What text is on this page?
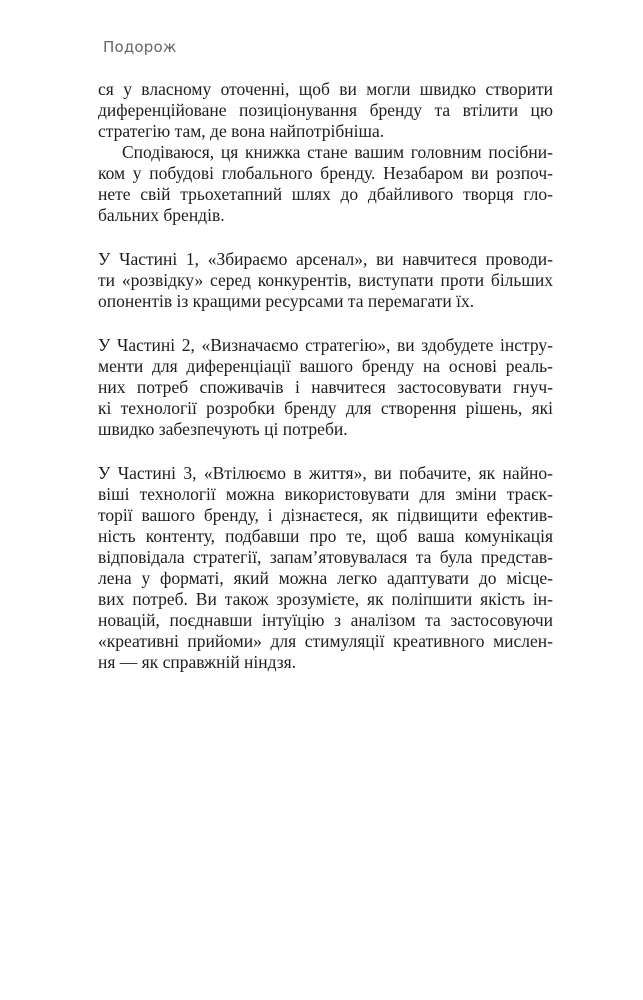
Подорож
ся у власному оточенні, щоб ви могли швидко створити
диференційоване позиціонування бренду та втілити цю
стратегію там, де вона найпотрібніша.
Сподіваюся, ця книжка стане вашим головним посібни-
ком у побудові глобального бренду. Незабаром ви розпоч-
нете свій трьохетапний шлях до дбайливого творця гло-
бальних брендів.
У Частині 1, «Збираємо арсенал», ви навчитеся проводи-
ти «розвідку» серед конкурентів, виступати проти більших
опонентів із кращими ресурсами та перемагати їх.
У Частині 2, «Визначаємо стратегію», ви здобудете інстру-
менти для диференціації вашого бренду на основі реаль-
них потреб споживачів і навчитеся застосовувати гнуч-
кі технології розробки бренду для створення рішень, які
швидко забезпечують ці потреби.
У Частині 3, «Втілюємо в життя», ви побачите, як найно-
віші технології можна використовувати для зміни траєк-
торії вашого бренду, і дізнаєтеся, як підвищити ефектив-
ність контенту, подбавши про те, щоб ваша комунікація
відповідала стратегії, запам’ятовувалася та була представ-
лена у форматі, який можна легко адаптувати до місце-
вих потреб. Ви також зрозумієте, як поліпшити якість ін-
новацій, поєднавши інтуїцію з аналізом та застосовуючи
«креативні прийоми» для стимуляції креативного мислен-
ня — як справжній ніндзя.
